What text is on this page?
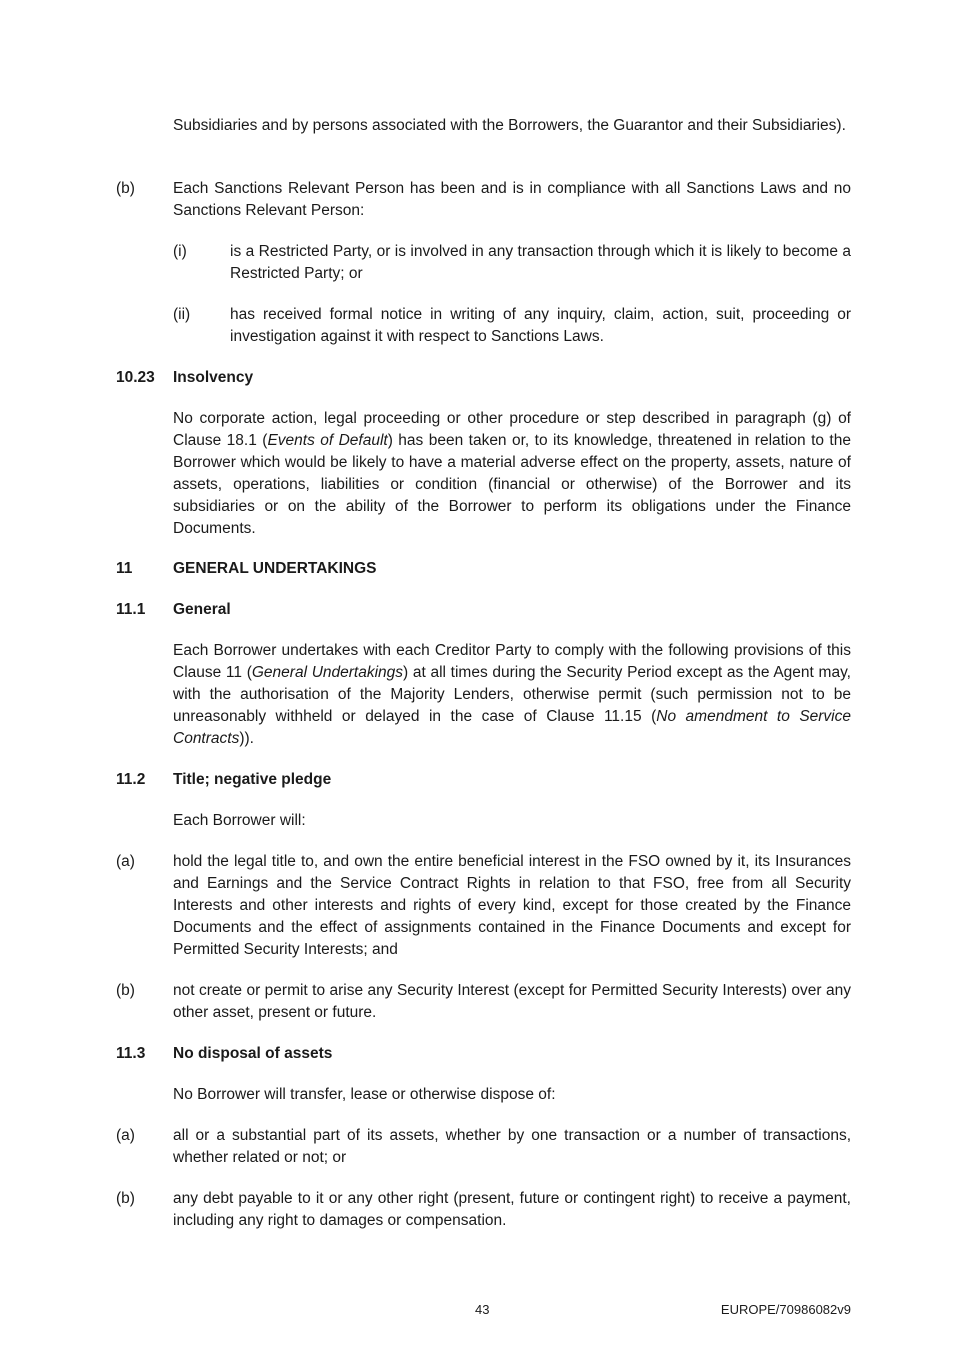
Subsidiaries and by persons associated with the Borrowers, the Guarantor and their Subsidiaries).

(b) Each Sanctions Relevant Person has been and is in compliance with all Sanctions Laws and no Sanctions Relevant Person:

(i)	is a Restricted Party, or is involved in any transaction through which it is likely to become a Restricted Party; or

(ii)	has received formal notice in writing of any inquiry, claim, action, suit, proceeding or investigation against it with respect to Sanctions Laws.

10.23 Insolvency

No corporate action, legal proceeding or other procedure or step described in paragraph (g) of Clause 18.1 (Events of Default) has been taken or, to its knowledge, threatened in relation to the Borrower which would be likely to have a material adverse effect on the property, assets, nature of assets, operations, liabilities or condition (financial or otherwise) of the Borrower and its subsidiaries or on the ability of the Borrower to perform its obligations under the Finance Documents.

11	GENERAL UNDERTAKINGS
11.1 General

Each Borrower undertakes with each Creditor Party to comply with the following provisions of this Clause 11 (General Undertakings) at all times during the Security Period except as the Agent may, with the authorisation of the Majority Lenders, otherwise permit (such permission not to be unreasonably withheld or delayed in the case of Clause 11.15 (No amendment to Service Contracts)).

11.2 Title; negative pledge

Each Borrower will:

(a) hold the legal title to, and own the entire beneficial interest in the FSO owned by it, its Insurances and Earnings and the Service Contract Rights in relation to that FSO, free from all Security Interests and other interests and rights of every kind, except for those created by the Finance Documents and the effect of assignments contained in the Finance Documents and except for Permitted Security Interests; and

(b) not create or permit to arise any Security Interest (except for Permitted Security Interests) over any other asset, present or future.

11.3 No disposal of assets

No Borrower will transfer, lease or otherwise dispose of:

(a) all or a substantial part of its assets, whether by one transaction or a number of transactions, whether related or not; or

(b) any debt payable to it or any other right (present, future or contingent right) to receive a payment, including any right to damages or compensation.

43	EUROPE/70986082v9
